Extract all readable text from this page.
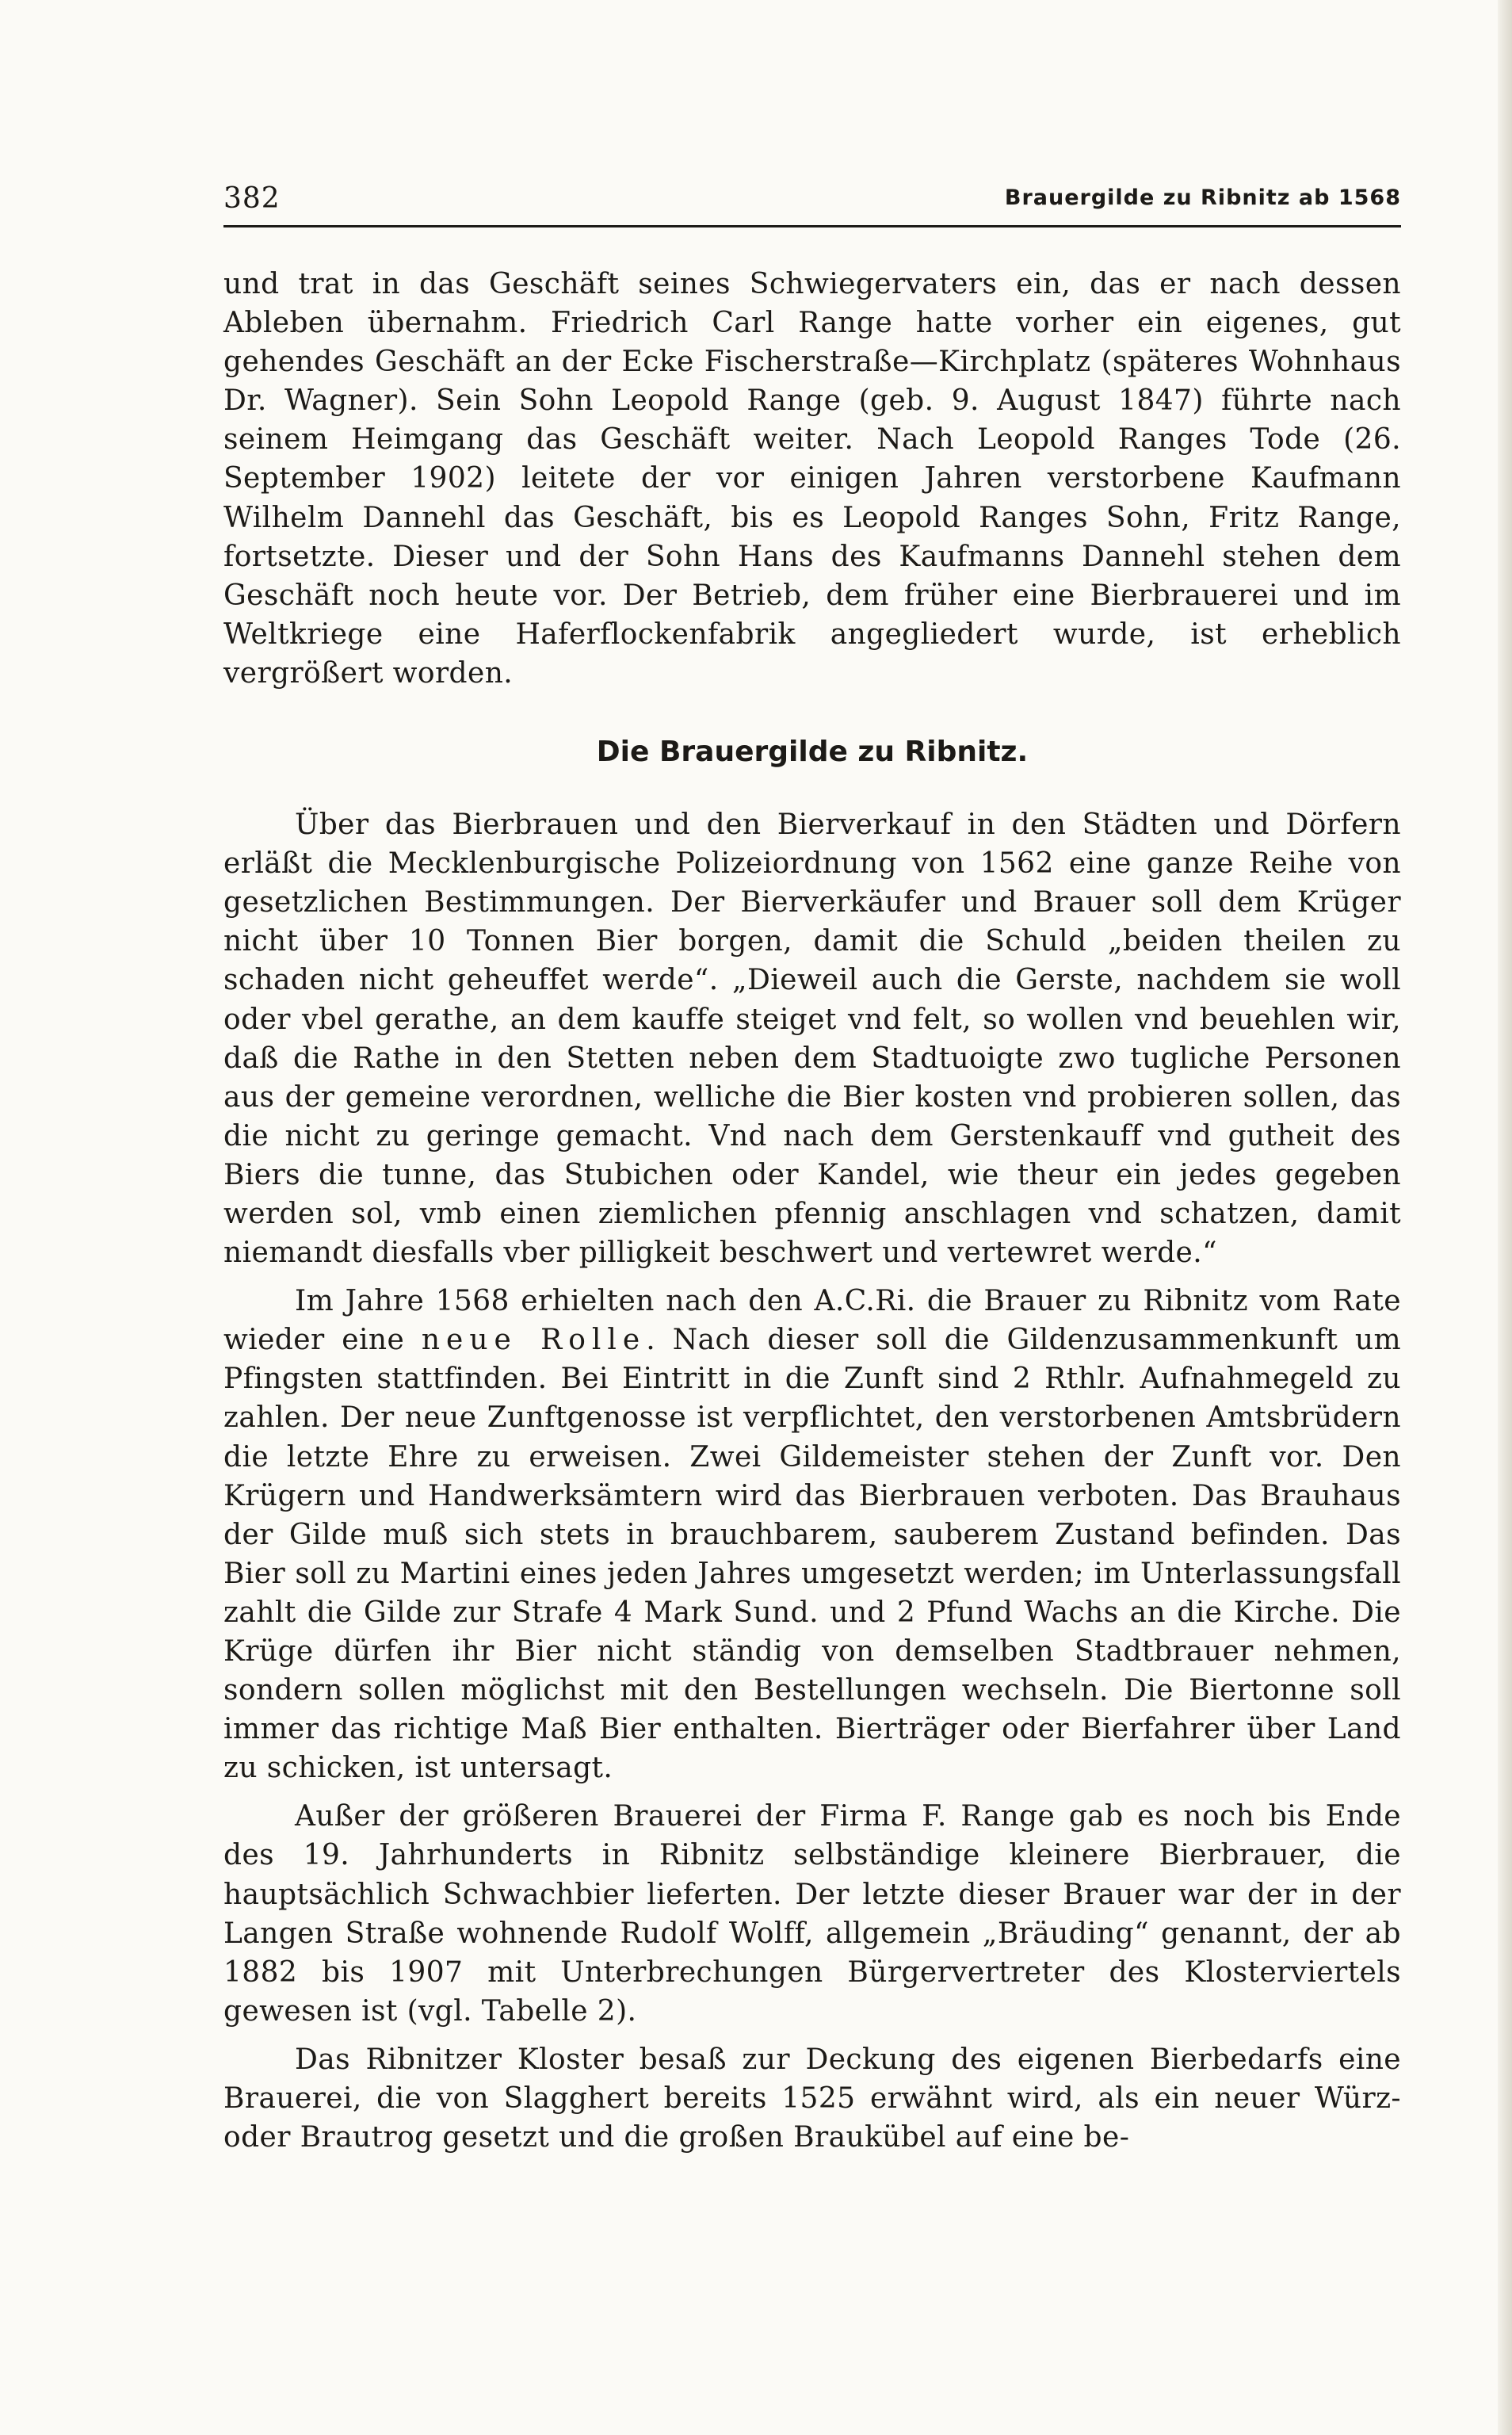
382	Brauergilde zu Ribnitz ab 1568

und trat in das Geschäft seines Schwiegervaters ein, das er nach dessen Ableben übernahm. Friedrich Carl Range hatte vorher ein eigenes, gut gehendes Geschäft an der Ecke Fischerstraße—Kirchplatz (späteres Wohnhaus Dr. Wagner). Sein Sohn Leopold Range (geb. 9. August 1847) führte nach seinem Heimgang das Geschäft weiter. Nach Leopold Ranges Tode (26. September 1902) leitete der vor einigen Jahren verstorbene Kaufmann Wilhelm Dannehl das Geschäft, bis es Leopold Ranges Sohn, Fritz Range, fortsetzte. Dieser und der Sohn Hans des Kaufmanns Dannehl stehen dem Geschäft noch heute vor. Der Betrieb, dem früher eine Bierbrauerei und im Weltkriege eine Haferflockenfabrik angegliedert wurde, ist erheblich vergrößert worden.

Die Brauergilde zu Ribnitz.

Über das Bierbrauen und den Bierverkauf in den Städten und Dörfern erläßt die Mecklenburgische Polizeiordnung von 1562 eine ganze Reihe von gesetzlichen Bestimmungen. Der Bierverkäufer und Brauer soll dem Krüger nicht über 10 Tonnen Bier borgen, damit die Schuld „beiden theilen zu schaden nicht geheuffet werde“. „Dieweil auch die Gerste, nachdem sie woll oder vbel gerathe, an dem kauffe steiget vnd felt, so wollen vnd beuehlen wir, daß die Rathe in den Stetten neben dem Stadtuoigte zwo tugliche Personen aus der gemeine verordnen, welliche die Bier kosten vnd probieren sollen, das die nicht zu geringe gemacht. Vnd nach dem Gerstenkauff vnd gutheit des Biers die tunne, das Stubichen oder Kandel, wie theur ein jedes gegeben werden sol, vmb einen ziemlichen pfennig anschlagen vnd schatzen, damit niemandt diesfalls vber pilligkeit beschwert und vertewret werde.“

Im Jahre 1568 erhielten nach den A.C.Ri. die Brauer zu Ribnitz vom Rate wieder eine neue Rolle. Nach dieser soll die Gildenzusammenkunft um Pfingsten stattfinden. Bei Eintritt in die Zunft sind 2 Rthlr. Aufnahmegeld zu zahlen. Der neue Zunftgenosse ist verpflichtet, den verstorbenen Amtsbrüdern die letzte Ehre zu erweisen. Zwei Gildemeister stehen der Zunft vor. Den Krügern und Handwerksämtern wird das Bierbrauen verboten. Das Brauhaus der Gilde muß sich stets in brauchbarem, sauberem Zustand befinden. Das Bier soll zu Martini eines jeden Jahres umgesetzt werden; im Unterlassungsfall zahlt die Gilde zur Strafe 4 Mark Sund. und 2 Pfund Wachs an die Kirche. Die Krüge dürfen ihr Bier nicht ständig von demselben Stadtbrauer nehmen, sondern sollen möglichst mit den Bestellungen wechseln. Die Biertonne soll immer das richtige Maß Bier enthalten. Bierträger oder Bierfahrer über Land zu schicken, ist untersagt.

Außer der größeren Brauerei der Firma F. Range gab es noch bis Ende des 19. Jahrhunderts in Ribnitz selbständige kleinere Bierbrauer, die hauptsächlich Schwachbier lieferten. Der letzte dieser Brauer war der in der Langen Straße wohnende Rudolf Wolff, allgemein „Bräuding“ genannt, der ab 1882 bis 1907 mit Unterbrechungen Bürgervertreter des Klosterviertels gewesen ist (vgl. Tabelle 2).

Das Ribnitzer Kloster besaß zur Deckung des eigenen Bierbedarfs eine Brauerei, die von Slagghert bereits 1525 erwähnt wird, als ein neuer Würz- oder Brautrog gesetzt und die großen Braukübel auf eine be-
